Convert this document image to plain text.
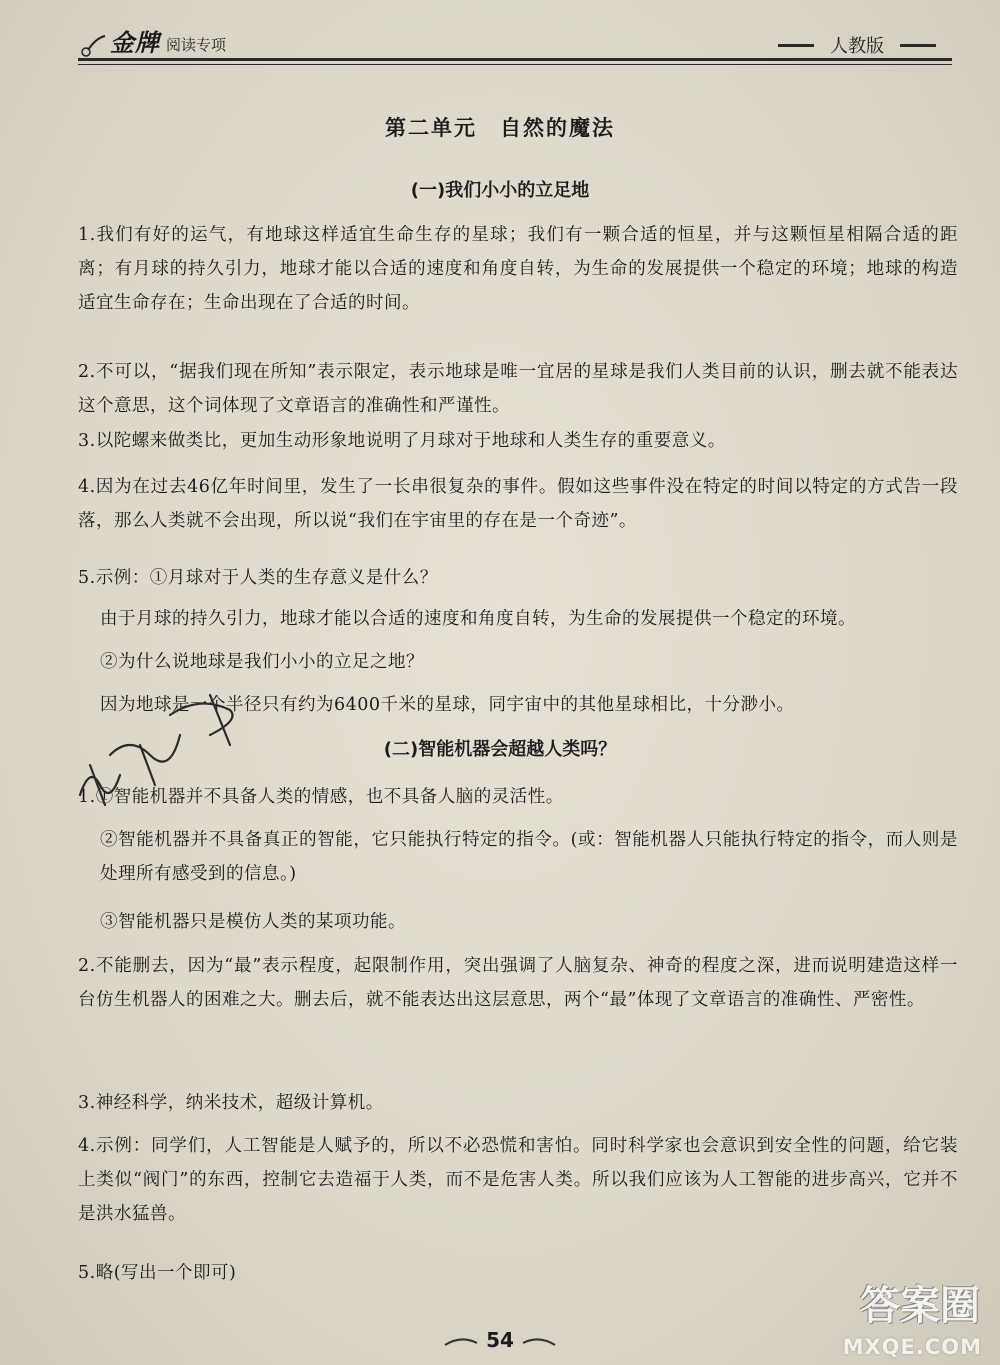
金牌 阅读专项	人教版
第二单元　自然的魔法
(一)我们小小的立足地
1.我们有好的运气，有地球这样适宜生命生存的星球；我们有一颗合适的恒星，并与这颗恒星相隔合适的距离；有月球的持久引力，地球才能以合适的速度和角度自转，为生命的发展提供一个稳定的环境；地球的构造适宜生命存在；生命出现在了合适的时间。
2.不可以，“据我们现在所知”表示限定，表示地球是唯一宜居的星球是我们人类目前的认识，删去就不能表达这个意思，这个词体现了文章语言的准确性和严谨性。
3.以陀螺来做类比，更加生动形象地说明了月球对于地球和人类生存的重要意义。
4.因为在过去46亿年时间里，发生了一长串很复杂的事件。假如这些事件没在特定的时间以特定的方式告一段落，那么人类就不会出现，所以说“我们在宇宙里的存在是一个奇迹”。
5.示例：①月球对于人类的生存意义是什么？
由于月球的持久引力，地球才能以合适的速度和角度自转，为生命的发展提供一个稳定的环境。
②为什么说地球是我们小小的立足之地？
因为地球是一个半径只有约为6400千米的星球，同宇宙中的其他星球相比，十分渺小。
(二)智能机器会超越人类吗？
1.①智能机器并不具备人类的情感，也不具备人脑的灵活性。
②智能机器并不具备真正的智能，它只能执行特定的指令。(或：智能机器人只能执行特定的指令，而人则是处理所有感受到的信息。)
③智能机器只是模仿人类的某项功能。
2.不能删去，因为“最”表示程度，起限制作用，突出强调了人脑复杂、神奇的程度之深，进而说明建造这样一台仿生机器人的困难之大。删去后，就不能表达出这层意思，两个“最”体现了文章语言的准确性、严密性。
3.神经科学，纳米技术，超级计算机。
4.示例：同学们，人工智能是人赋予的，所以不必恐慌和害怕。同时科学家也会意识到安全性的问题，给它装上类似“阀门”的东西，控制它去造福于人类，而不是危害人类。所以我们应该为人工智能的进步高兴，它并不是洪水猛兽。
5.略(写出一个即可)
54
答案圈
MXQE.COM
